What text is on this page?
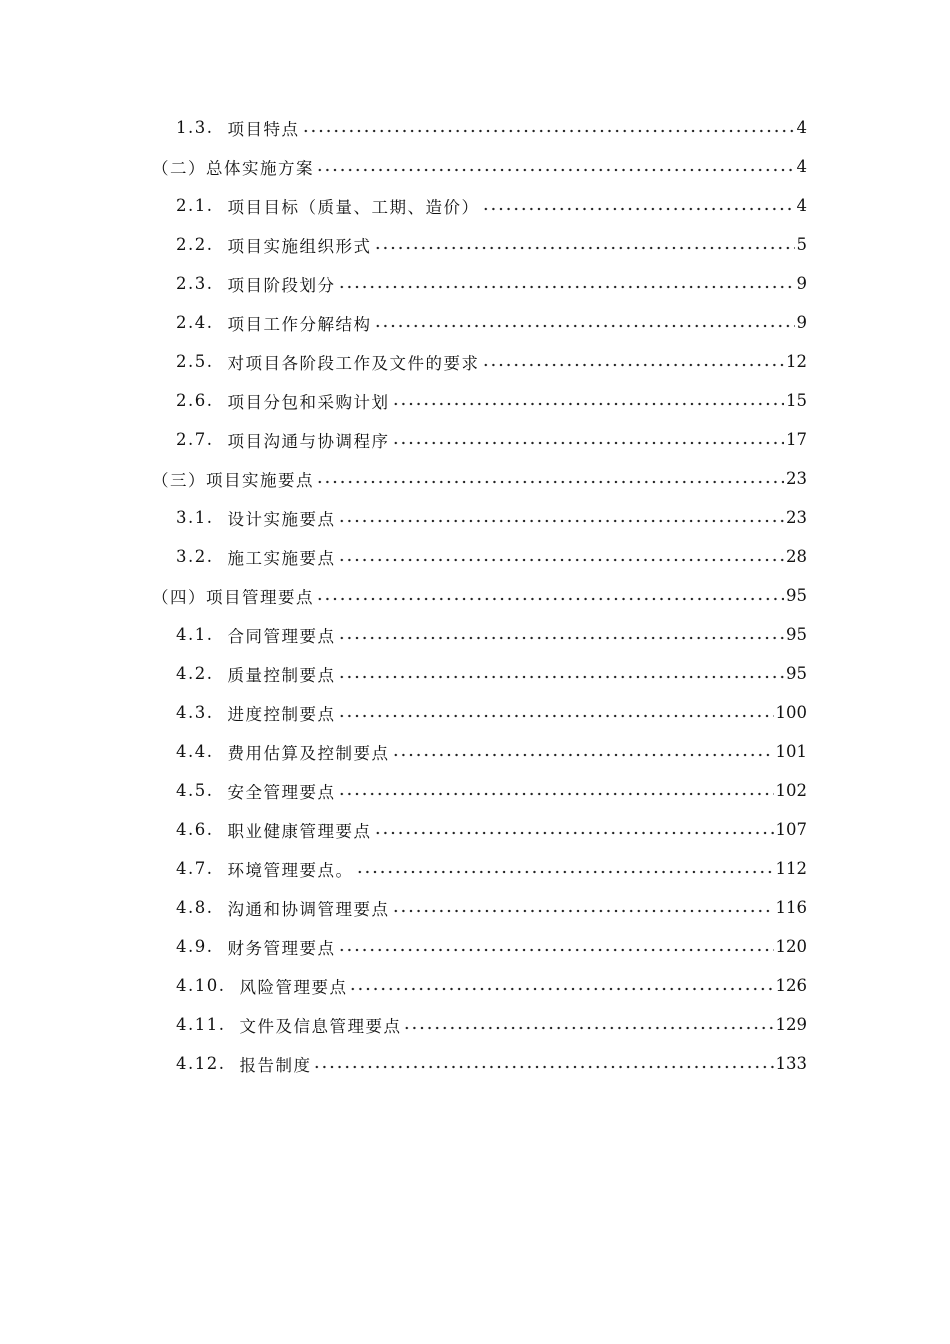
1.3. 项目特点	4
（二）总体实施方案	4
2.1. 项目目标（质量、工期、造价）	4
2.2. 项目实施组织形式	5
2.3. 项目阶段划分	9
2.4. 项目工作分解结构	9
2.5. 对项目各阶段工作及文件的要求	12
2.6. 项目分包和采购计划	15
2.7. 项目沟通与协调程序	17
（三）项目实施要点	23
3.1. 设计实施要点	23
3.2. 施工实施要点	28
（四）项目管理要点	95
4.1. 合同管理要点	95
4.2. 质量控制要点	95
4.3. 进度控制要点	100
4.4. 费用估算及控制要点	101
4.5. 安全管理要点	102
4.6. 职业健康管理要点	107
4.7. 环境管理要点。	112
4.8. 沟通和协调管理要点	116
4.9. 财务管理要点	120
4.10. 风险管理要点	126
4.11. 文件及信息管理要点	129
4.12. 报告制度	133
